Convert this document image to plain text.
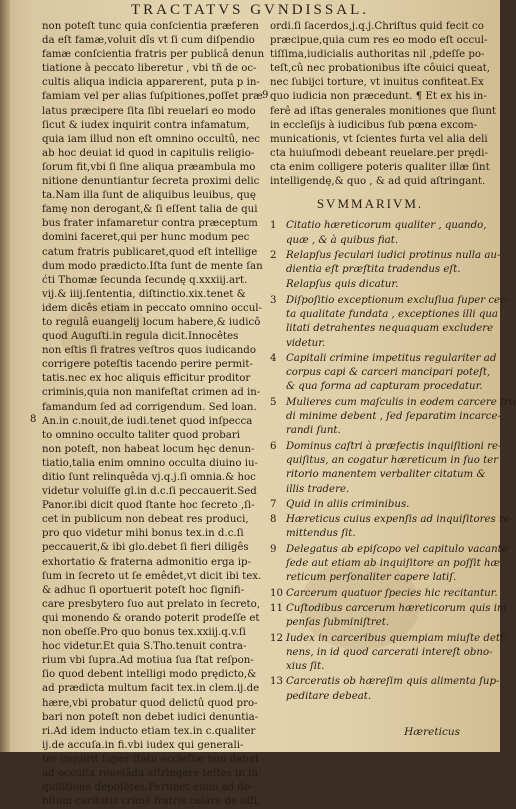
TRACTATVS GVNDISSAL.
non poteſt tunc quia conſcientia præferen
da eſt famæ,voluit dîs vt ſi cum diſpendio
famæ conſcientia fratris per publicâ denun
tiatione à peccato liberetur , vbi tñ de oc-
cultis aliqua indicia apparerent, puta p in-
famiam vel per alias ſuſpitiones,poſſet præ
latus præcipere ſita ſibi reuelari eo modo
ſicut & iudex inquirit contra infamatum,
quia iam illud non eſt omnino occultû, nec
ab hoc deuiat id quod in capitulis religio-
ſorum fit,vbi ſi ſine aliqua præambula mo
nitione denuntiantur ſecreta proximi delic
ta.Nam illa ſunt de aliquibus leuibus, quę
famę non derogant,& ſi eſſent talia de qui
bus frater infamaretur contra præceptum
domini faceret,qui per hunc modum pec
catum fratris publicaret,quod eſt intellige
dum modo prædicto.Iſta ſunt de mente ſan
ćti Thomæ ſecunda ſecundę q.xxxiij.art.
vij.& iiij.ſententia, diſtinctio.xix.tenet &
idem dicês etiam in peccato omnino occul-
to regulâ euangelij locum habere,& iudicô
quod Auguſti.in regula dicit.Innocêtes
non eſtis ſi fratres veſtros quos iudicando
corrigere poteſtis tacendo perire permit-
tatis.nec ex hoc aliquis efficitur proditor
criminis,quia non manifeſtat crimen ad in-
famandum ſed ad corrigendum. Sed loan.
An.in c.nouit,de iudi.tenet quod inſpecca
to omnino occulto taliter quod probari
non poteſt, non habeat locum hęc denun-
tiatio,talia enim omnino occulta diuino iu-
ditio ſunt relinquêda vj.q.j.ſi omnia.& hoc
videtur voluiſſe gl.in d.c.ſi peccauerit.Sed
Panor.ibi dicit quod ſtante hoc ſecreto ,ſi-
cet in publicum non debeat res produci,
pro quo videtur mihi bonus tex.in d.c.ſi
peccauerit,& ibi glo.debet ſi fieri diligês
exhortatio & fraterna admonitio erga ip-
ſum in ſecreto ut ſe emêdet,vt dicit ibi tex.
& adhuc ſi oportuerit poteſt hoc ſignifi-
care presbytero ſuo aut prelato in ſecreto,
qui monendo & orando poterit prodeſſe et
non obeſſe.Pro quo bonus tex.xxiij.q.v.ſi
hoc videtur.Et quia S.Tho.tenuit contra-
rium vbi ſupra.Ad motiua ſua ſtat reſpon-
ſio quod debent intelligi modo prędicto,&
ad prædicta multum facit tex.in clem.ij.de
hære,vbi probatur quod delictû quod pro-
bari non poteſt non debet iudici denuntia-
ri.Ad idem inducto etiam tex.in c.qualiter
ij.de accuſa.in fi.vbi iudex qui generali-
ter inquirit ſuper ſtatu eccleſiæ non debet
ad occulta reuelâda aſtringere teſtes in in-
quiſitione depoſêtes.Pertinet enim ad de-
bitum caritatis crimê fratris celare de offi,
8
9
ordi.ſi ſacerdos,j.q.j.Chriſtus quid fecit co
præcipue,quia cum res eo modo eſt occul-
tiſſima,iudicialis authoritas nil ,pdeſſe po-
teſt,cû nec probationibus iſte côuici queat,
nec ſubijci torture, vt inuitus confiteat.Ex
quo iudicia non præcedunt. ¶ Et ex his in-
ferê ad iſtas generales monitiones que ſiunt
in eccleſijs à iudicibus ſub pœna excom-
municationis, vt ſcientes furta vel alia deli
cta huiuſmodi debeant reuelare.per prędi-
cta enim colligere poteris qualiter illæ ſint
intelligendę,& quo , & ad quid aſtringant.
SVMMARIVM.
1 Citatio hæreticorum qualiter , quando,
quæ , & à quibus fiat.
2 Relapſus ſeculari iudici protinus nulla au-
dientia eſt præſtita tradendus eſt.
Relapſus quis dicatur.
3 Diſpoſitio exceptionum excluſiua ſuper cer-
ta qualitate fundata , exceptiones illi qua
litati detrahentes nequaquam excludere
videtur.
4 Capitali crimine impetitus regulariter ad
corpus capi & carceri mancipari poteſt,
& qua forma ad capturam procedatur.
5 Mulieres cum maſculis in eodem carcere tru
di minime debent , ſed ſeparatim incarce-
randi ſunt.
6 Dominus caſtri à præfectis inquiſitioni re-
quiſitus, an cogatur hæreticum in ſuo ter
ritorio manentem verbaliter citatum &
illis tradere.
7 Quid in aliis criminibus.
8 Hæreticus cuius expenſis ad inquiſitores re-
mittendus ſit.
9 Delegatus ab epiſcopo vel capitulo vacante
ſede aut etiam ab inquiſitore an poſſit hæ
reticum perſonaliter capere latiſ.
10 Carcerum quatuor ſpecies hic recitantur.
11 Cuſtodibus carcerum hæreticorum quis im
penſas ſubminiſtret.
12 Iudex in carceribus quempiam miuſte deti-
nens, in id quod carcerati intereſt obno-
xius ſit.
13 Carceratis ob hæreſim quis alimenta ſup-
peditare debeat.
Hæreticus
